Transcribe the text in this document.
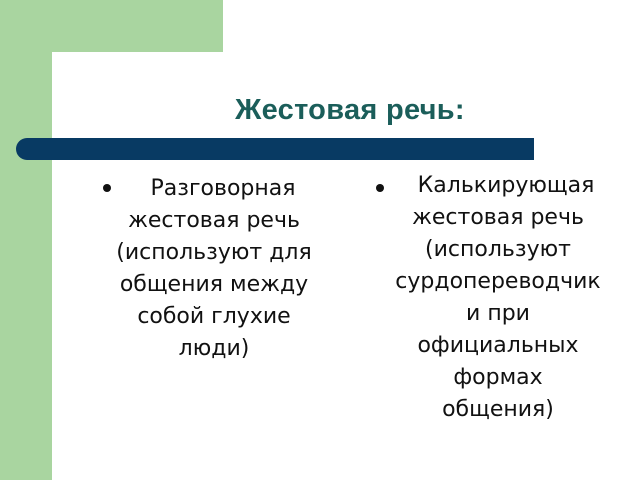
Жестовая речь:
Разговорная
жестовая речь
(используют для
общения между
собой глухие
люди)
Калькирующая
жестовая речь
(используют
сурдопереводчик
и при
официальных
формах
общения)
